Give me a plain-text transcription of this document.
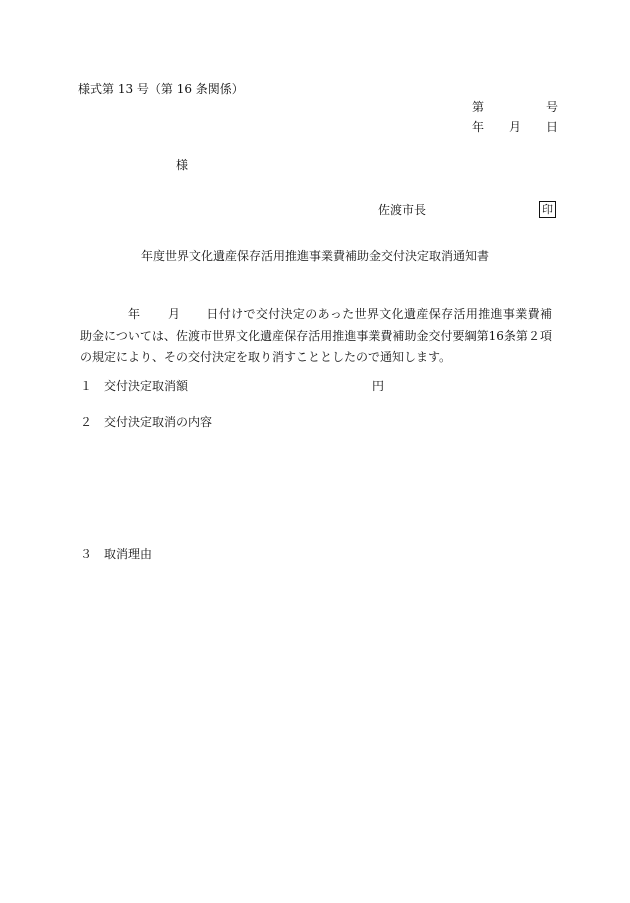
様式第 13 号（第 16 条関係）
第	号
年 月 日
様
佐渡市長	印
年度世界文化遺産保存活用推進事業費補助金交付決定取消通知書
年 月 日付けで交付決定のあった世界文化遺産保存活用推進事業費補助金については、佐渡市世界文化遺産保存活用推進事業費補助金交付要綱第16条第２項の規定により、その交付決定を取り消すこととしたので通知します。
１ 交付決定取消額	円
２ 交付決定取消の内容
３ 取消理由
